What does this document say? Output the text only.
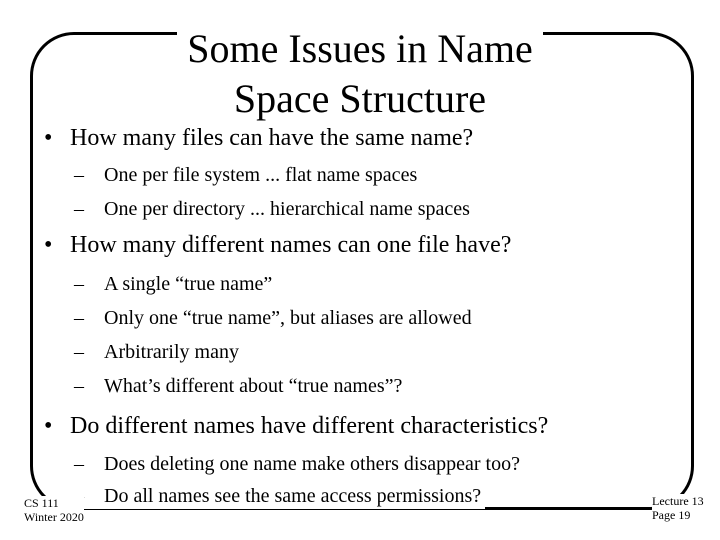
Some Issues in Name
Space Structure
• How many files can have the same name?
– One per file system ... flat name spaces
– One per directory ... hierarchical name spaces
• How many different names can one file have?
– A single “true name”
– Only one “true name”, but aliases are allowed
– Arbitrarily many
– What’s different about “true names”?
• Do different names have different characteristics?
– Does deleting one name make others disappear too?
Do all names see the same access permissions?
CS 111
Winter 2020
Lecture 13
Page 19
